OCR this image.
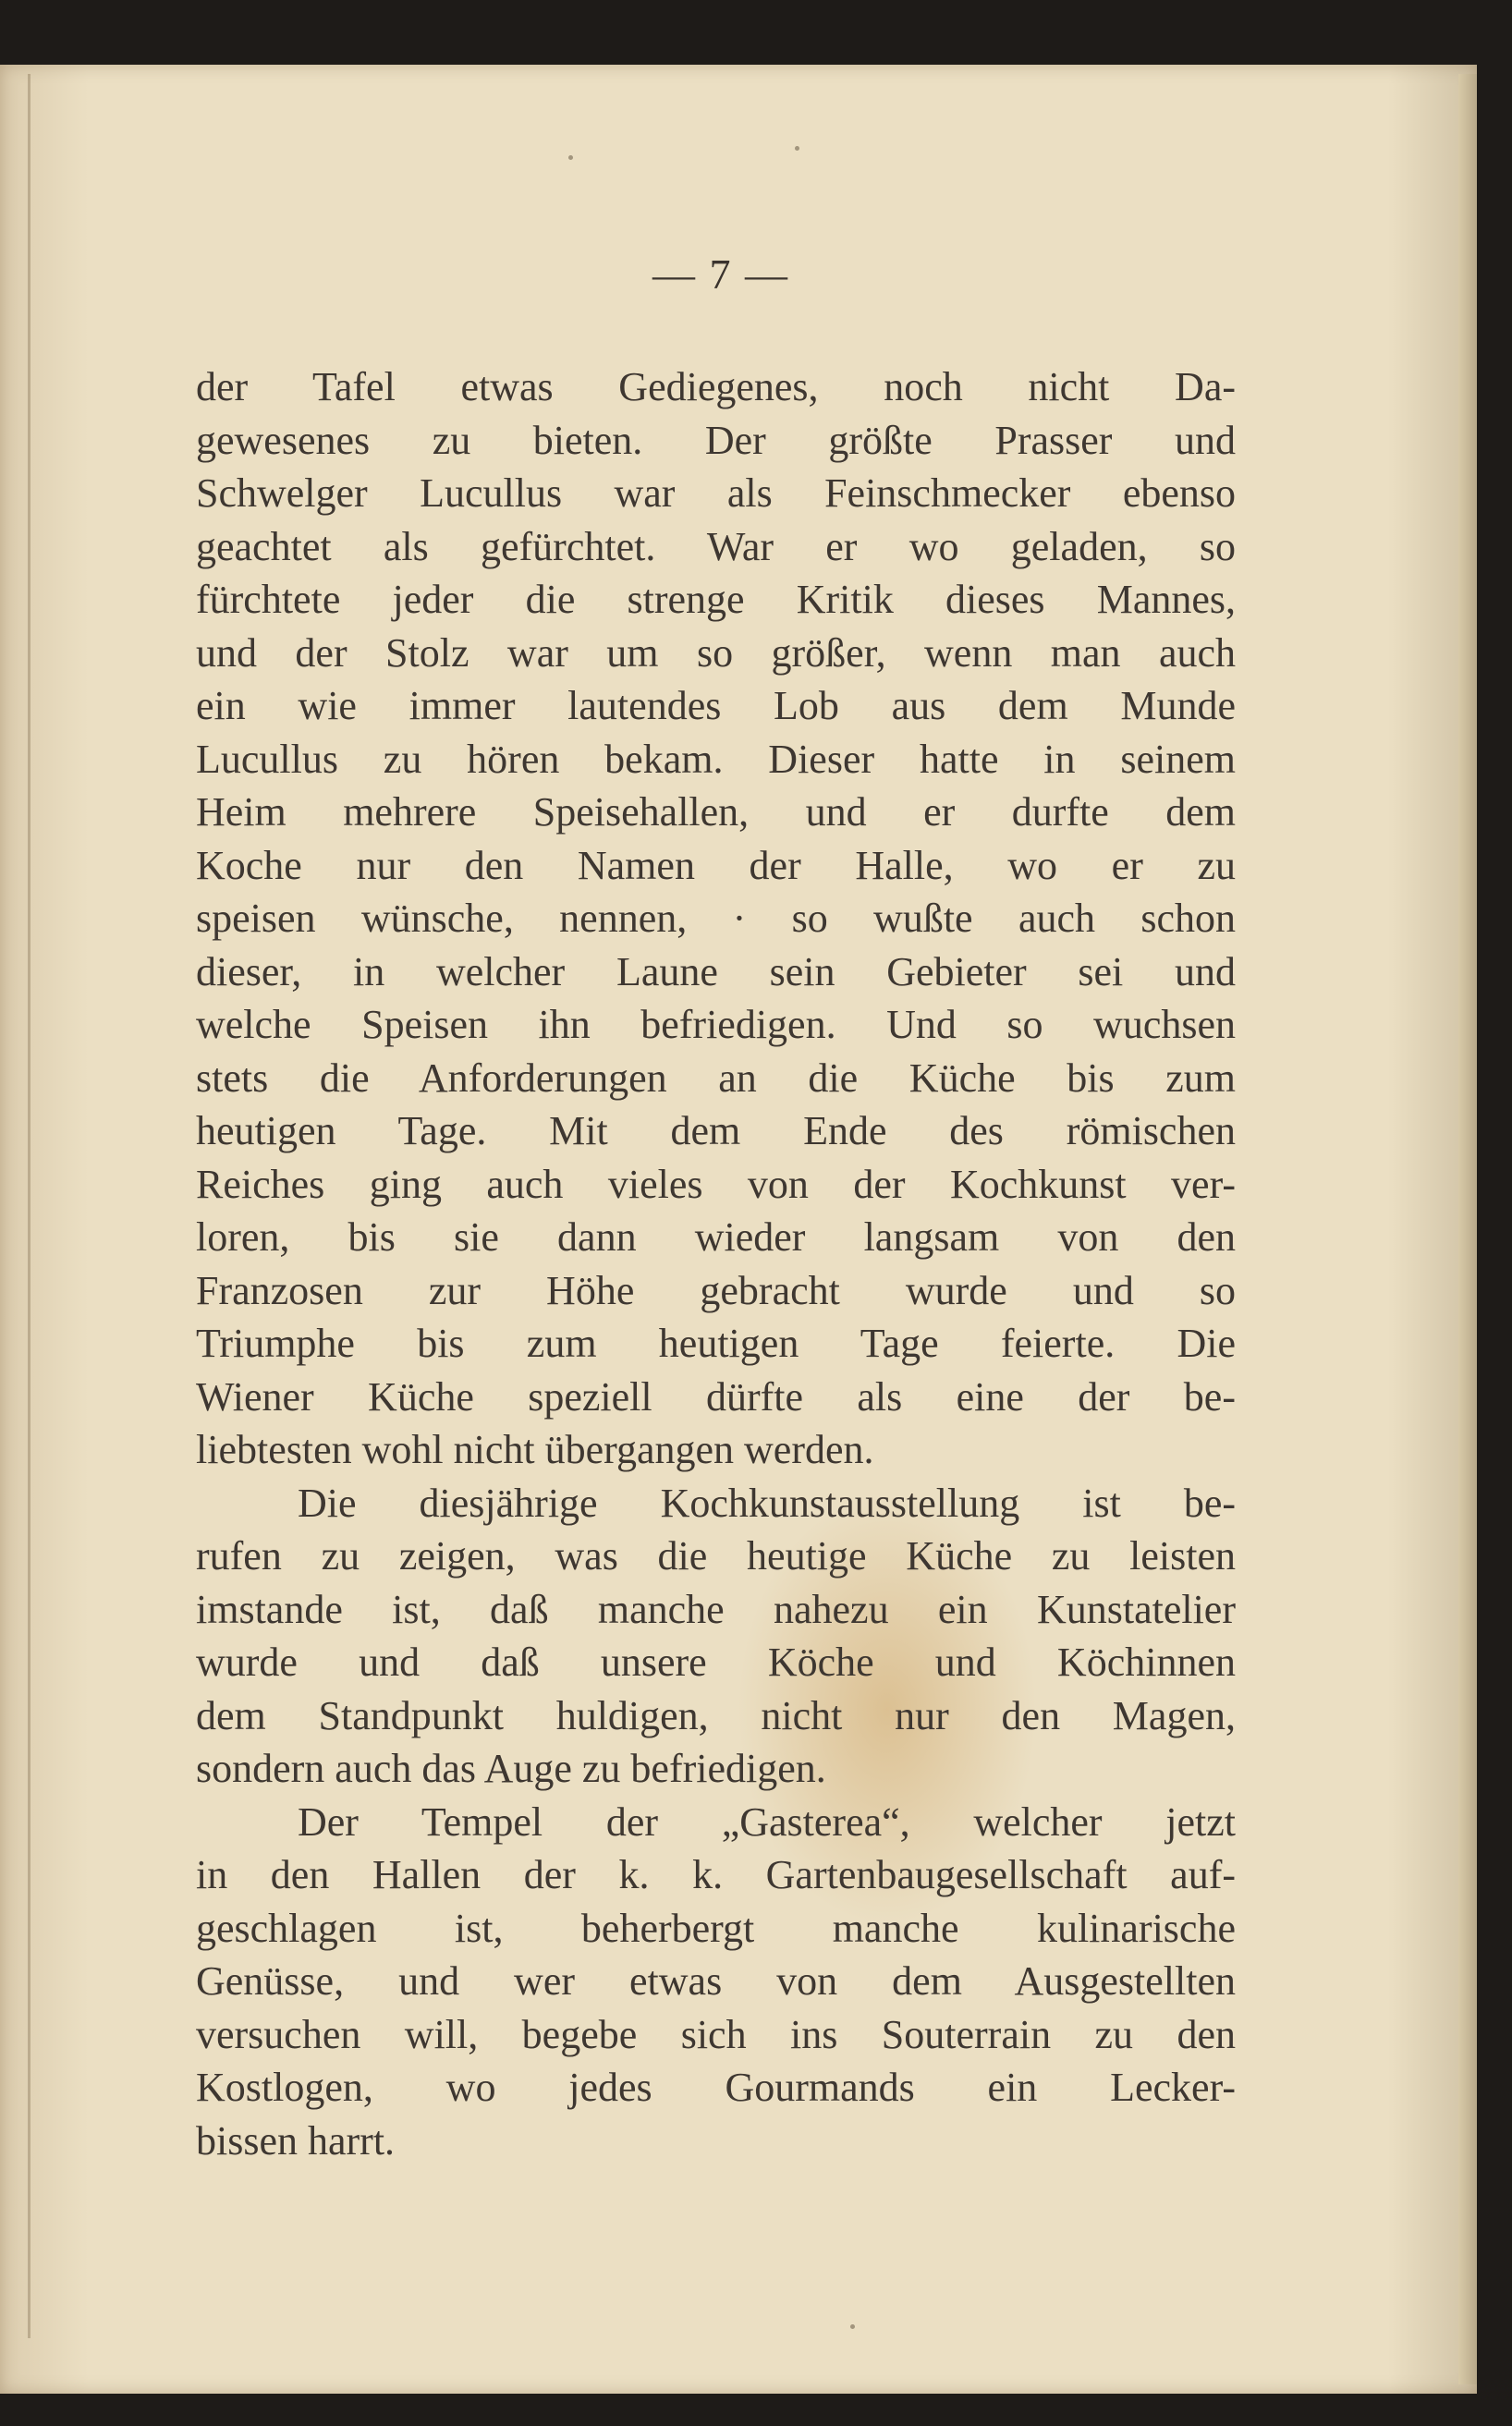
— 7 —
der Tafel etwas Gediegenes, noch nicht Da-
gewesenes zu bieten. Der größte Prasser und
Schwelger Lucullus war als Feinschmecker ebenso
geachtet als gefürchtet. War er wo geladen, so
fürchtete jeder die strenge Kritik dieses Mannes,
und der Stolz war um so größer, wenn man auch
ein wie immer lautendes Lob aus dem Munde
Lucullus zu hören bekam. Dieser hatte in seinem
Heim mehrere Speisehallen, und er durfte dem
Koche nur den Namen der Halle, wo er zu
speisen wünsche, nennen, · so wußte auch schon
dieser, in welcher Laune sein Gebieter sei und
welche Speisen ihn befriedigen. Und so wuchsen
stets die Anforderungen an die Küche bis zum
heutigen Tage. Mit dem Ende des römischen
Reiches ging auch vieles von der Kochkunst ver-
loren, bis sie dann wieder langsam von den
Franzosen zur Höhe gebracht wurde und so
Triumphe bis zum heutigen Tage feierte. Die
Wiener Küche speziell dürfte als eine der be-
liebtesten wohl nicht übergangen werden.
Die diesjährige Kochkunstausstellung ist be-
rufen zu zeigen, was die heutige Küche zu leisten
imstande ist, daß manche nahezu ein Kunstatelier
wurde und daß unsere Köche und Köchinnen
dem Standpunkt huldigen, nicht nur den Magen,
sondern auch das Auge zu befriedigen.
Der Tempel der „Gasterea“, welcher jetzt
in den Hallen der k. k. Gartenbaugesellschaft auf-
geschlagen ist, beherbergt manche kulinarische
Genüsse, und wer etwas von dem Ausgestellten
versuchen will, begebe sich ins Souterrain zu den
Kostlogen, wo jedes Gourmands ein Lecker-
bissen harrt.
